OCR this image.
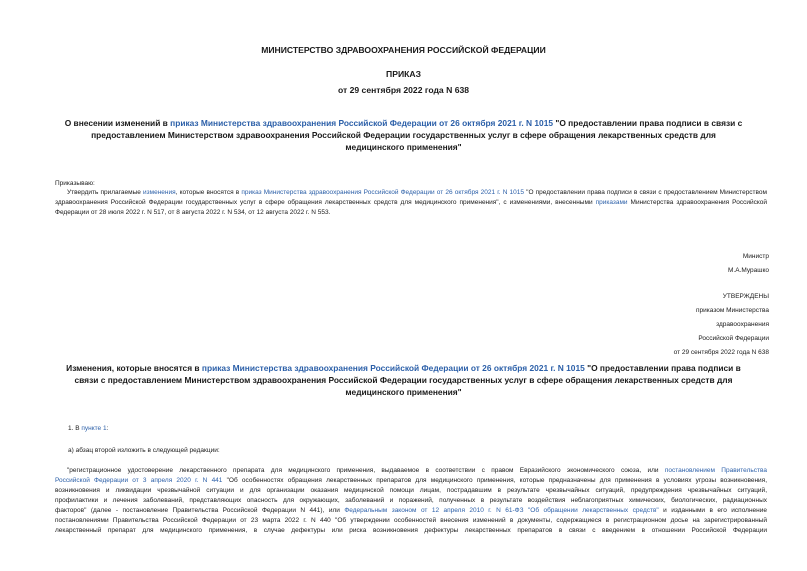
МИНИСТЕРСТВО ЗДРАВООХРАНЕНИЯ РОССИЙСКОЙ ФЕДЕРАЦИИ
ПРИКАЗ
от 29 сентября 2022 года N 638
О внесении изменений в приказ Министерства здравоохранения Российской Федерации от 26 октября 2021 г. N 1015 "О предоставлении права подписи в связи с
предоставлением Министерством здравоохранения Российской Федерации государственных услуг в сфере обращения лекарственных средств для
медицинского применения"
Приказываю:
Утвердить прилагаемые изменения, которые вносятся в приказ Министерства здравоохранения Российской Федерации от 26 октября 2021 г. N 1015 "О предоставлении права подписи в связи с предоставлением Министерством здравоохранения Российской Федерации государственных услуг в сфере обращения лекарственных средств для медицинского применения", с изменениями, внесенными приказами Министерства здравоохранения Российской Федерации от 28 июля 2022 г. N 517, от 8 августа 2022 г. N 534, от 12 августа 2022 г. N 553.

Министр

М.А.Мурашко

УТВЕРЖДЕНЫ

приказом Министерства

здравоохранения

Российской Федерации

от 29 сентября 2022 года N 638

Изменения, которые вносятся в приказ Министерства здравоохранения Российской Федерации от 26 октября 2021 г. N 1015 "О предоставлении права подписи в
связи с предоставлением Министерством здравоохранения Российской Федерации государственных услуг в сфере обращения лекарственных средств для
медицинского применения"
1. В пункте 1:
а) абзац второй изложить в следующей редакции:

"регистрационное удостоверение лекарственного препарата для медицинского применения, выдаваемое в соответствии с правом Евразийского экономического союза, или постановлением Правительства

Российской Федерации от 3 апреля 2020 г. N 441 "Об особенностях обращения лекарственных препаратов для медицинского применения, которые предназначены для применения в условиях угрозы возникновения,

возникновения и ликвидации чрезвычайной ситуации и для организации оказания медицинской помощи лицам, пострадавшим в результате чрезвычайных ситуаций, предупреждения чрезвычайных ситуаций,

профилактики и лечения заболеваний, представляющих опасность для окружающих, заболеваний и поражений, полученных в результате воздействия неблагоприятных химических, биологических, радиационных

факторов" (далее - постановление Правительства Российской Федерации N 441), или Федеральным законом от 12 апреля 2010 г. N 61-ФЗ "Об обращении лекарственных средств" и изданными в его исполнение

постановлениями Правительства Российской Федерации от 23 марта 2022 г. N 440 "Об утверждении особенностей внесения изменений в документы, содержащиеся в регистрационном досье на зарегистрированный

лекарственный препарат для медицинского применения, в случае дефектуры или риска возникновения дефектуры лекарственных препаратов в связи с введением в отношении Российской Федерации
